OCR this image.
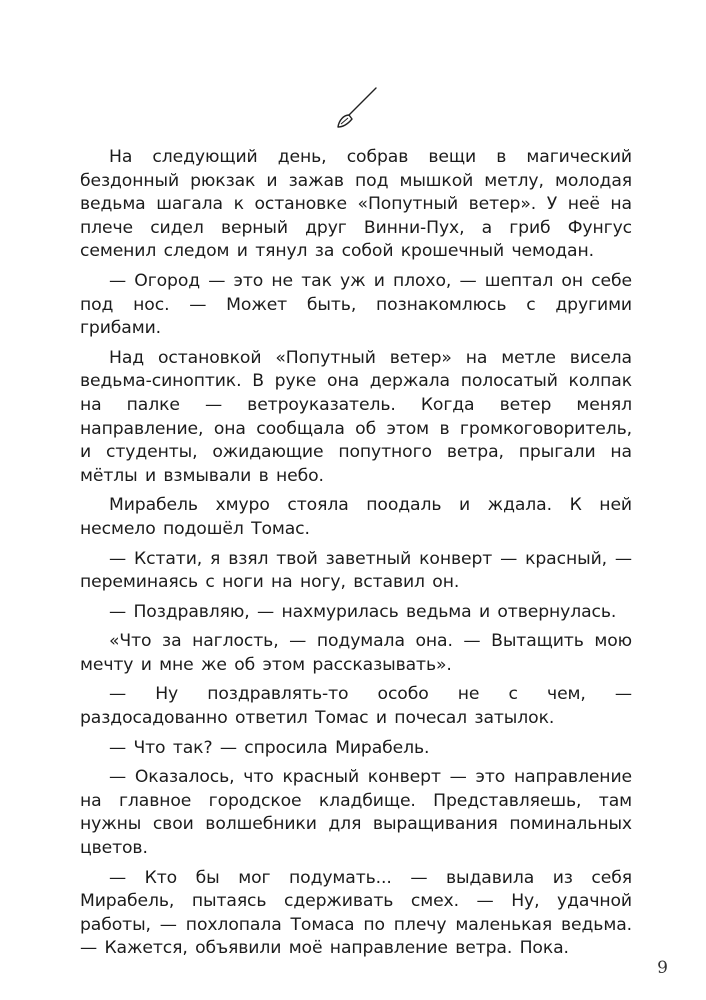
На следующий день, собрав вещи в магический бездонный рюкзак и зажав под мышкой метлу, молодая ведьма шагала к остановке «Попутный ветер». У неё на плече сидел верный друг Винни-Пух, а гриб Фунгус семенил следом и тянул за собой крошечный чемодан.

— Огород — это не так уж и плохо, — шептал он себе под нос. — Может быть, познакомлюсь с другими грибами.

Над остановкой «Попутный ветер» на метле висела ведьма-синоптик. В руке она держала полосатый колпак на палке — ветроуказатель. Когда ветер менял направление, она сообщала об этом в громкоговоритель, и студенты, ожидающие попутного ветра, прыгали на мётлы и взмывали в небо.

Мирабель хмуро стояла поодаль и ждала. К ней несмело подошёл Томас.

— Кстати, я взял твой заветный конверт — красный, — переминаясь с ноги на ногу, вставил он.

— Поздравляю, — нахмурилась ведьма и отвернулась.

«Что за наглость, — подумала она. — Вытащить мою мечту и мне же об этом рассказывать».

— Ну поздравлять-то особо не с чем, — раздосадованно ответил Томас и почесал затылок.

— Что так? — спросила Мирабель.

— Оказалось, что красный конверт — это направление на главное городское кладбище. Представляешь, там нужны свои волшебники для выращивания поминальных цветов.

— Кто бы мог подумать... — выдавила из себя Мирабель, пытаясь сдерживать смех. — Ну, удачной работы, — похлопала Томаса по плечу маленькая ведьма. — Кажется, объявили моё направление ветра. Пока.

9
